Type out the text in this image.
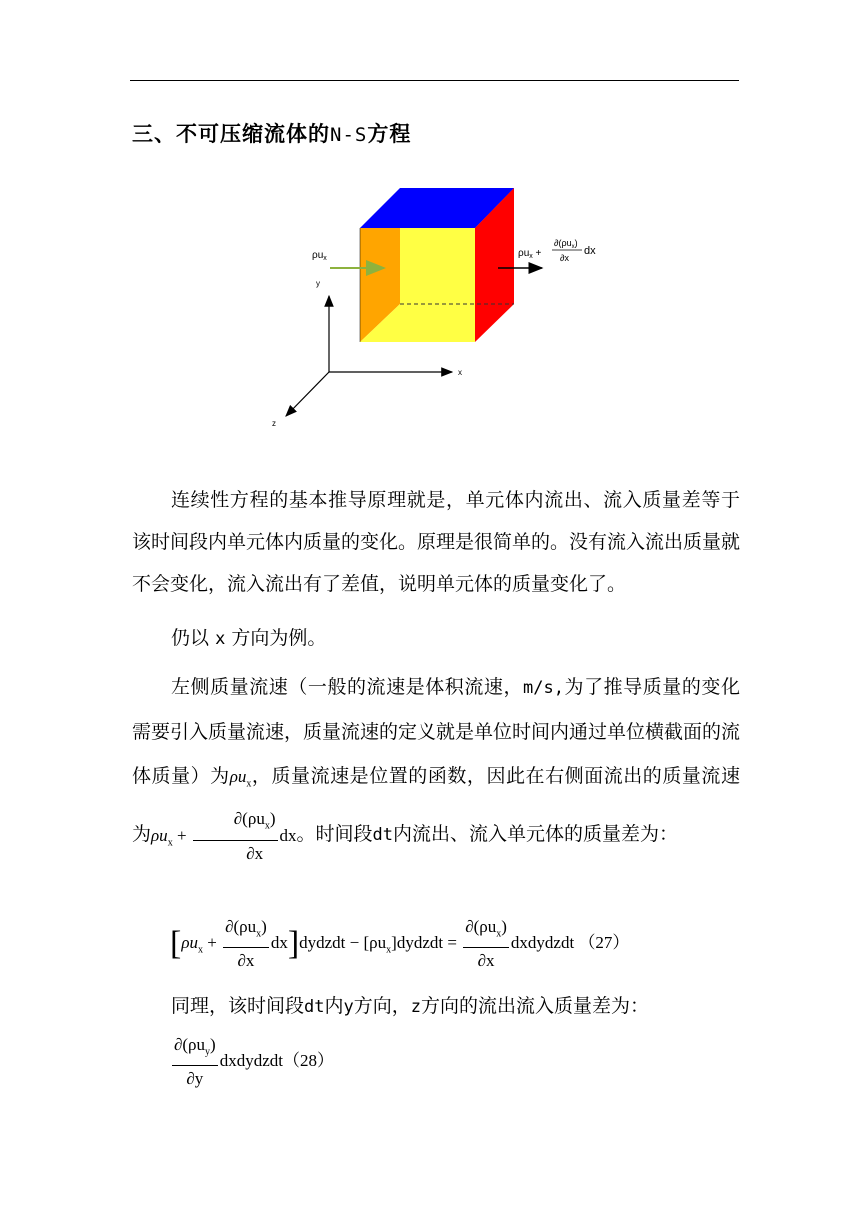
三、不可压缩流体的N-S方程
$\rho u_x$	$\rho u_x$ +
$\partial(\rho u_x)$
∂x
dx
y
x
z
连续性方程的基本推导原理就是，单元体内流出、流入质量差等于该时间段内单元体内质量的变化。原理是很简单的。没有流入流出质量就不会变化，流入流出有了差值，说明单元体的质量变化了。
仍以 x 方向为例。
左侧质量流速（一般的流速是体积流速，m/s,为了推导质量的变化需要引入质量流速，质量流速的定义就是单位时间内通过单位横截面的流体质量）为$\rho u_x$，质量流速是位置的函数，因此在右侧面流出的质量流速为$\rho u_x + \frac{\partial(\rho u_x)}{\partial x}$ dx。时间段dt内流出、流入单元体的质量差为：
[$\rho u_x + \frac{\partial(\rho u_x)}{\partial x}$ dx]dydzdt − $[\rho u_x]dydzdt = \frac{\partial(\rho u_x)}{\partial x}$ dxdydzdt （27）
同理，该时间段dt内y方向，z方向的流出流入质量差为：
$\frac{\partial(\rho u_y)}{\partial y}$ dxdydzdt（28）
